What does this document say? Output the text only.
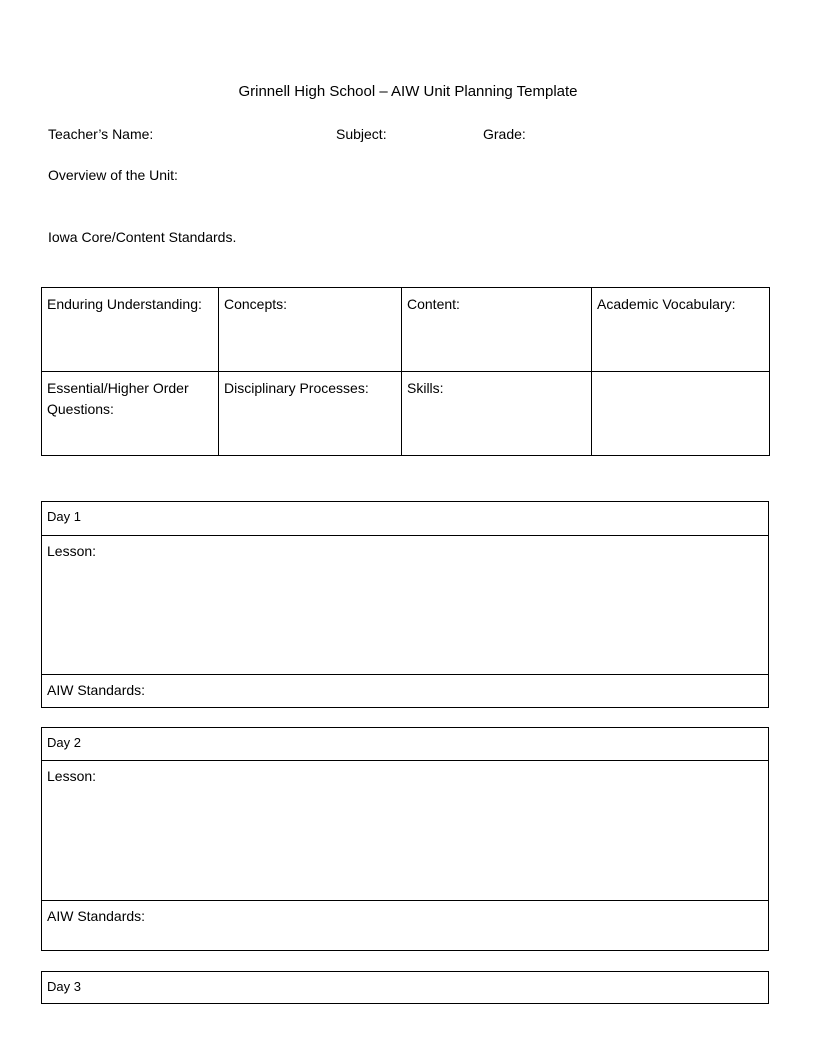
Grinnell High School – AIW Unit Planning Template
Teacher’s Name:	Subject:	Grade:
Overview of the Unit:
Iowa Core/Content Standards.
Enduring Understanding:	Concepts:	Content:	Academic Vocabulary:
Essential/Higher Order Questions:	Disciplinary Processes:	Skills:	
Day 1
Lesson:
AIW Standards:
Day 2
Lesson:
AIW Standards:
Day 3
